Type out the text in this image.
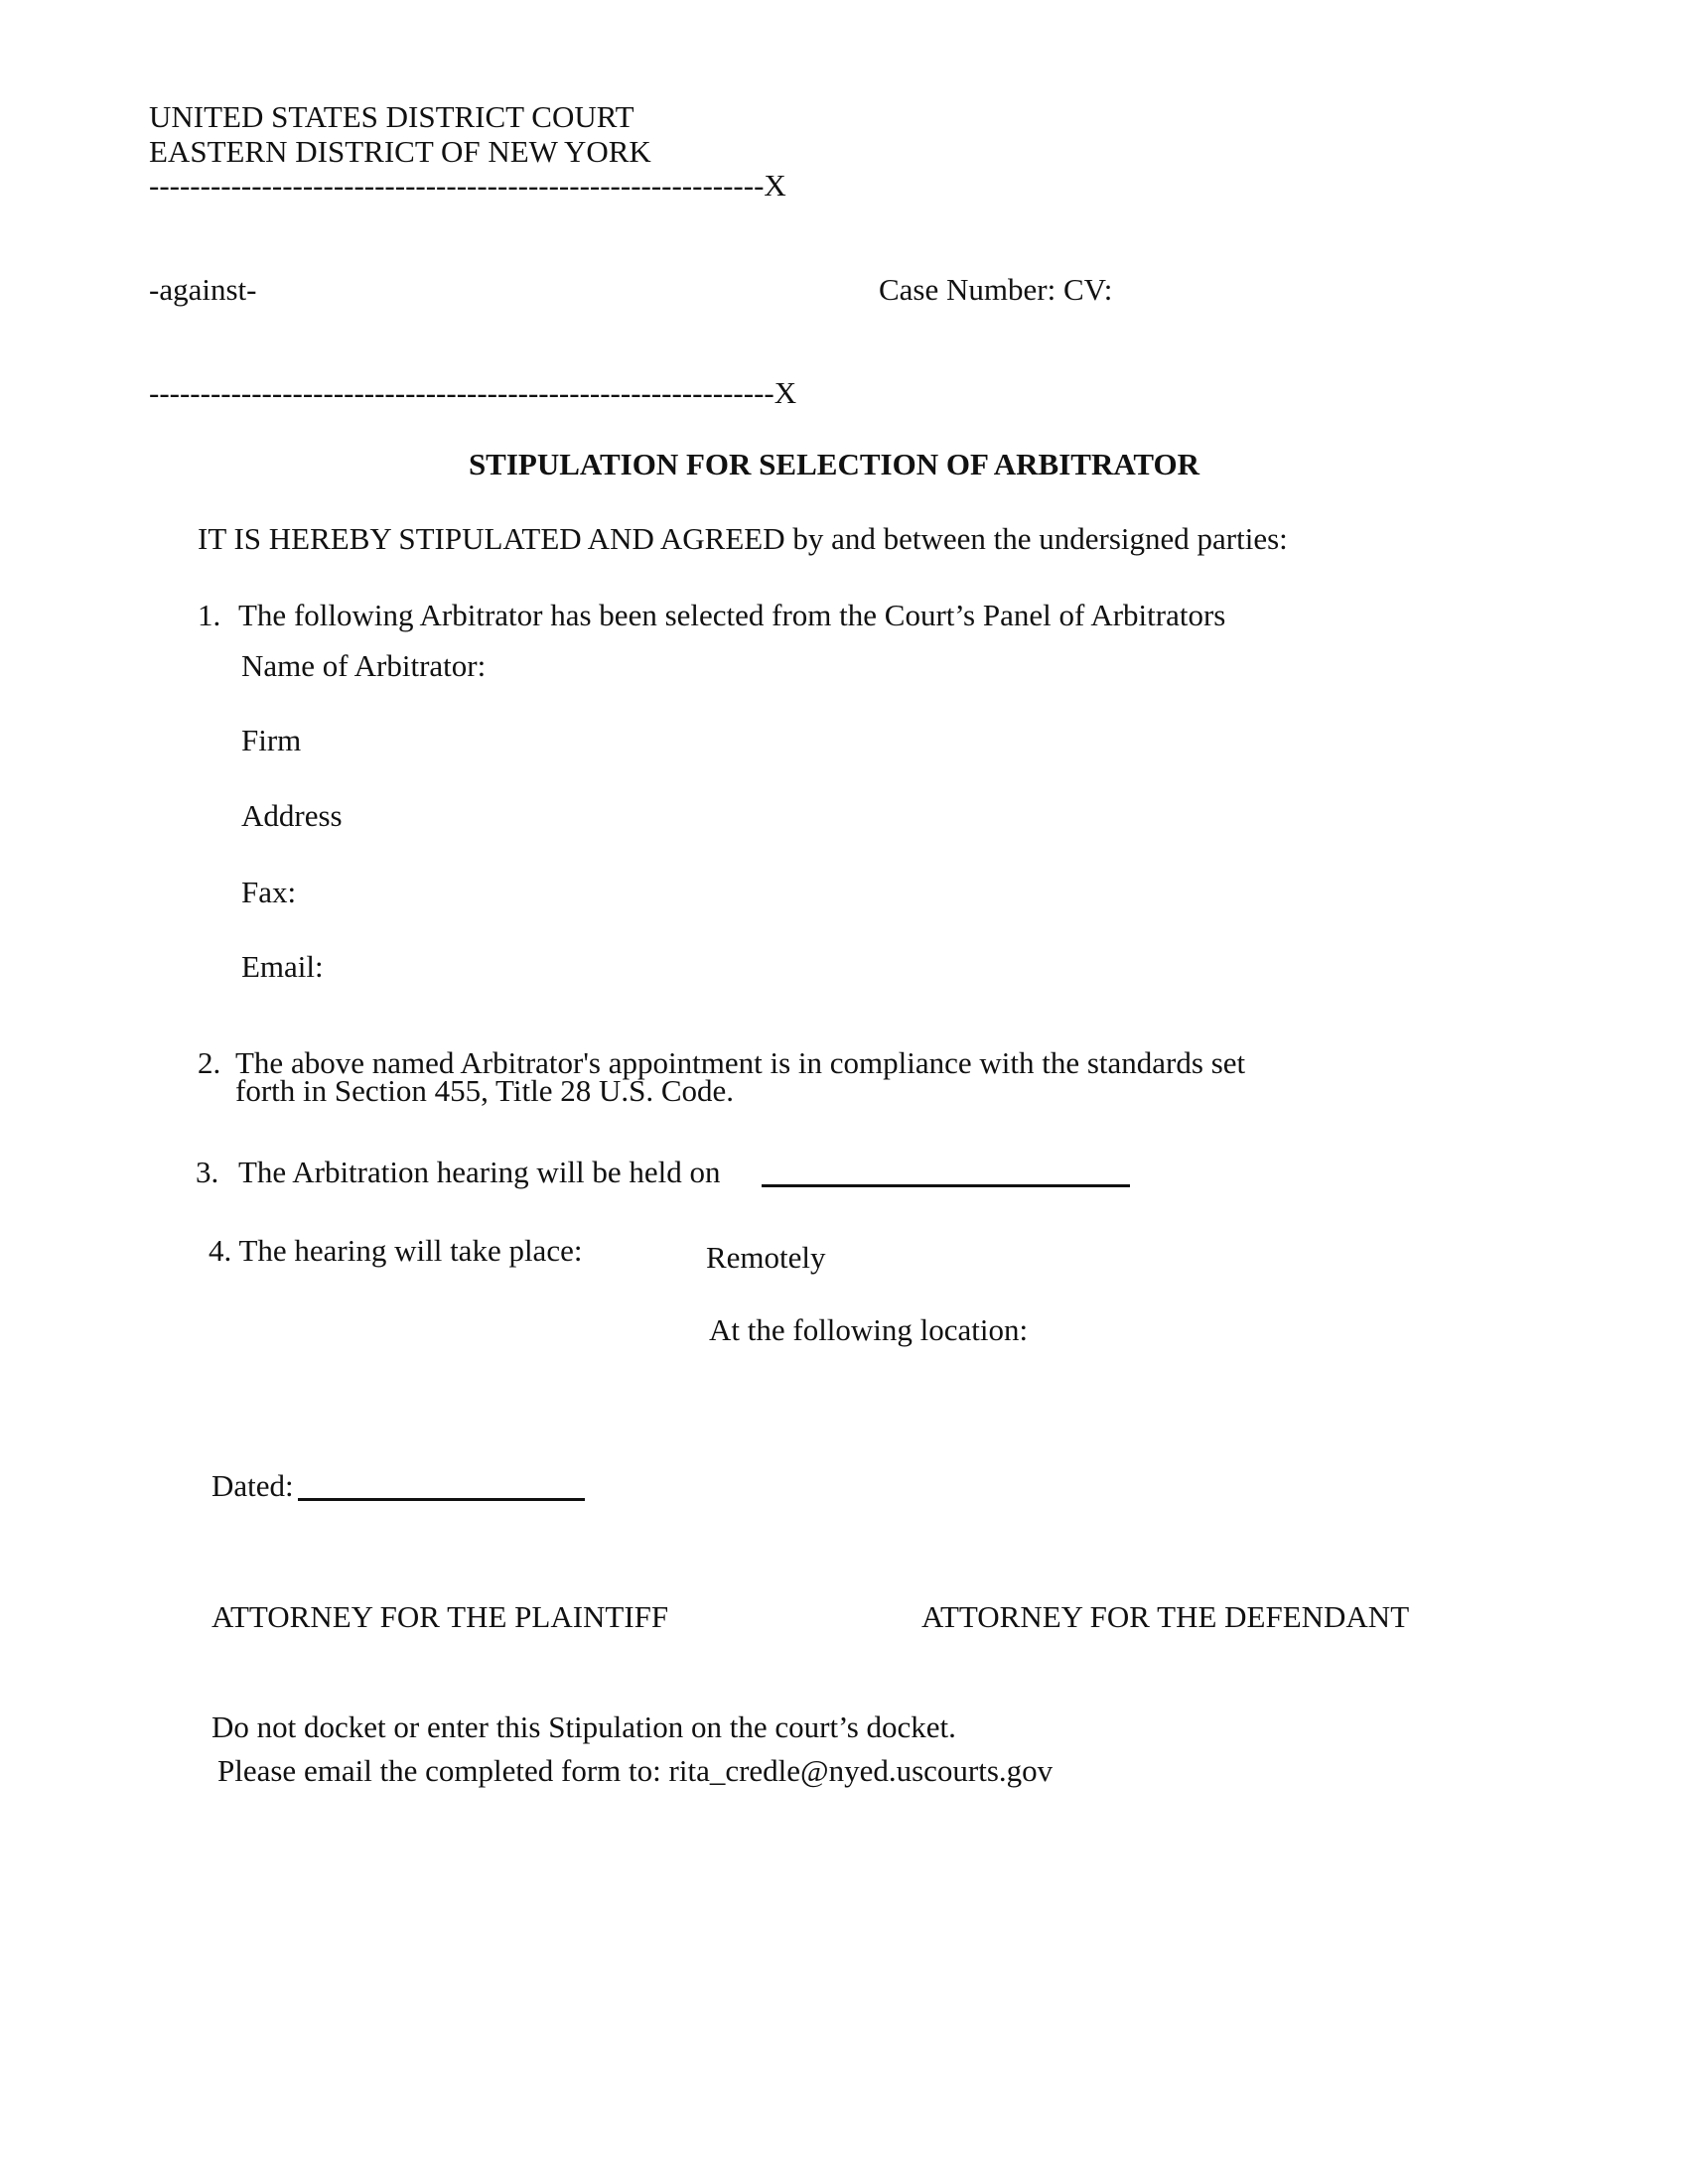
UNITED STATES DISTRICT COURT
EASTERN DISTRICT OF NEW YORK
------------------------------------------------------------X
-against-	Case Number: CV:
-------------------------------------------------------------X
STIPULATION FOR SELECTION OF ARBITRATOR
IT IS HEREBY STIPULATED AND AGREED by and between the undersigned parties:
1. The following Arbitrator has been selected from the Court’s Panel of Arbitrators
Name of Arbitrator:
Firm
Address
Fax:
Email:
2. The above named Arbitrator's appointment is in compliance with the standards set
forth in Section 455, Title 28 U.S. Code.
3. The Arbitration hearing will be held on
4. The hearing will take place:	Remotely
At the following location:
Dated:
ATTORNEY FOR THE PLAINTIFF	ATTORNEY FOR THE DEFENDANT
Do not docket or enter this Stipulation on the court’s docket.
Please email the completed form to: rita_credle@nyed.uscourts.gov
